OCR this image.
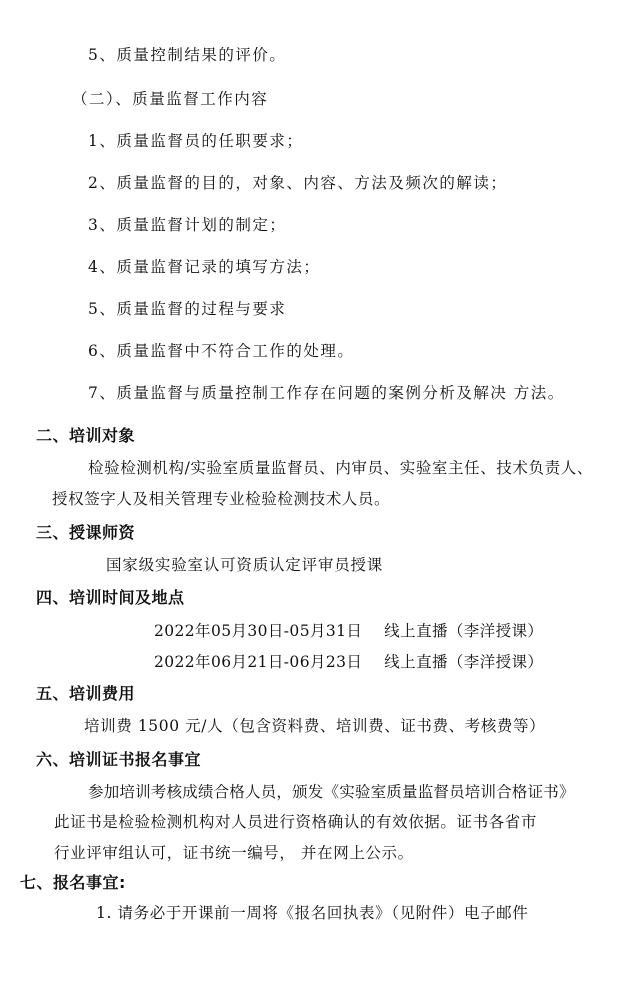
5、质量控制结果的评价。
（二）、质量监督工作内容
1、质量监督员的任职要求；
2、质量监督的目的，对象、内容、方法及频次的解读；
3、质量监督计划的制定；
4、质量监督记录的填写方法；
5、质量监督的过程与要求
6、质量监督中不符合工作的处理。
7、质量监督与质量控制工作存在问题的案例分析及解决 方法。
二、培训对象
检验检测机构/实验室质量监督员、内审员、实验室主任、技术负责人、
授权签字人及相关管理专业检验检测技术人员。
三、授课师资
国家级实验室认可资质认定评审员授课
四、培训时间及地点
2022年05月30日-05月31日 线上直播（李洋授课）
2022年06月21日-06月23日 线上直播（李洋授课）
五、培训费用
培训费 1500 元/人（包含资料费、培训费、证书费、考核费等）
六、培训证书报名事宜
参加培训考核成绩合格人员，颁发《实验室质量监督员培训合格证书》
此证书是检验检测机构对人员进行资格确认的有效依据。证书各省市
行业评审组认可，证书统一编号， 并在网上公示。
七、报名事宜:
1. 请务必于开课前一周将《报名回执表》（见附件）电子邮件
